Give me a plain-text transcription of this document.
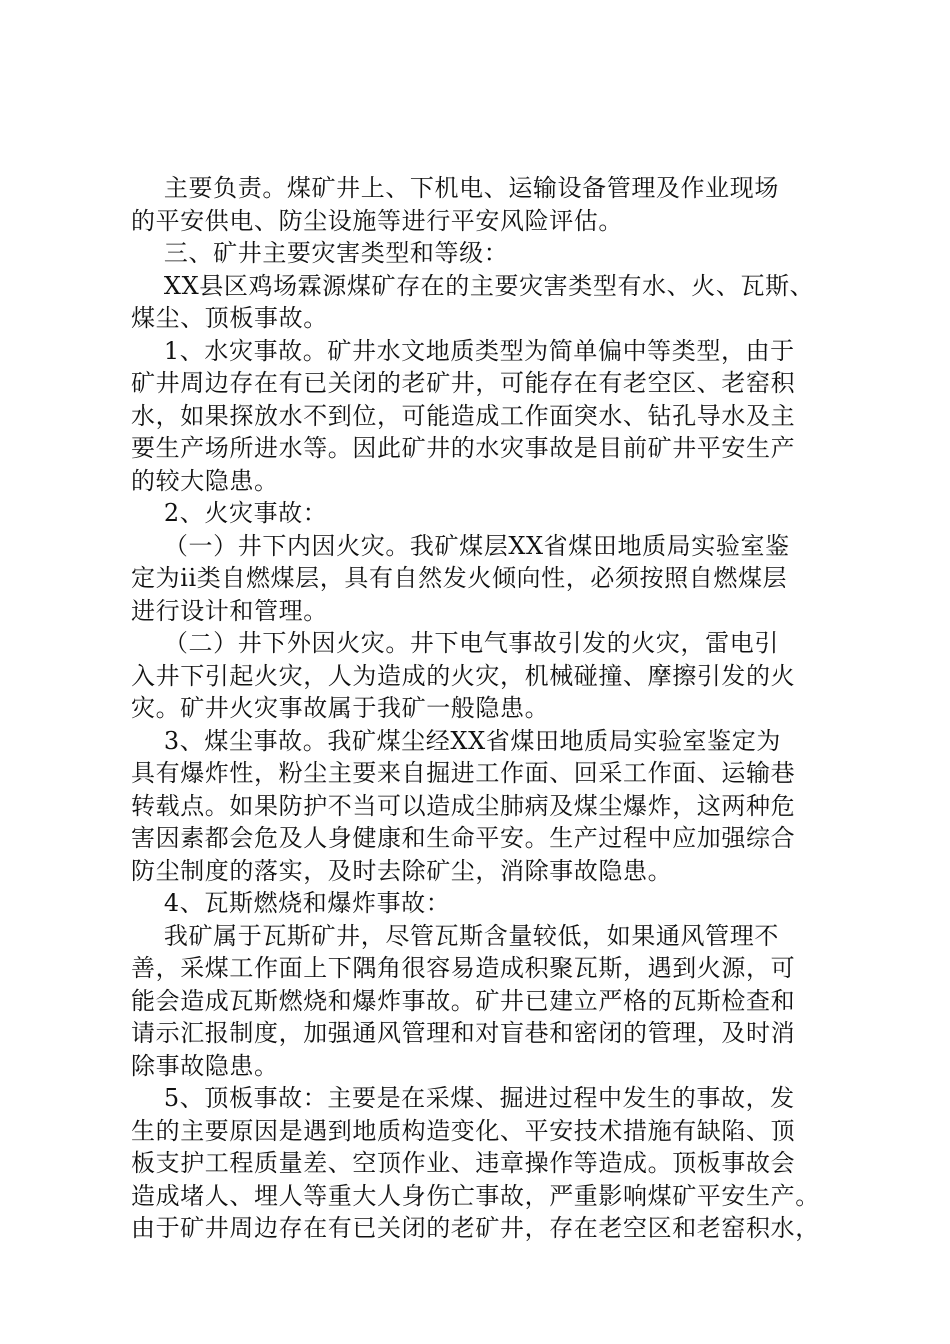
主要负责。煤矿井上、下机电、运输设备管理及作业现场
的平安供电、防尘设施等进行平安风险评估。
三、矿井主要灾害类型和等级：
XX县区鸡场霖源煤矿存在的主要灾害类型有水、火、瓦斯、
煤尘、顶板事故。
1、水灾事故。矿井水文地质类型为简单偏中等类型，由于
矿井周边存在有已关闭的老矿井，可能存在有老空区、老窑积
水，如果探放水不到位，可能造成工作面突水、钻孔导水及主
要生产场所进水等。因此矿井的水灾事故是目前矿井平安生产
的较大隐患。
2、火灾事故：
（一）井下内因火灾。我矿煤层XX省煤田地质局实验室鉴
定为ii类自燃煤层，具有自然发火倾向性，必须按照自燃煤层
进行设计和管理。
（二）井下外因火灾。井下电气事故引发的火灾，雷电引
入井下引起火灾，人为造成的火灾，机械碰撞、摩擦引发的火
灾。矿井火灾事故属于我矿一般隐患。
3、煤尘事故。我矿煤尘经XX省煤田地质局实验室鉴定为
具有爆炸性，粉尘主要来自掘进工作面、回采工作面、运输巷
转载点。如果防护不当可以造成尘肺病及煤尘爆炸，这两种危
害因素都会危及人身健康和生命平安。生产过程中应加强综合
防尘制度的落实，及时去除矿尘，消除事故隐患。
4、瓦斯燃烧和爆炸事故：
我矿属于瓦斯矿井，尽管瓦斯含量较低，如果通风管理不
善，采煤工作面上下隅角很容易造成积聚瓦斯，遇到火源，可
能会造成瓦斯燃烧和爆炸事故。矿井已建立严格的瓦斯检查和
请示汇报制度，加强通风管理和对盲巷和密闭的管理，及时消
除事故隐患。
5、顶板事故：主要是在采煤、掘进过程中发生的事故，发
生的主要原因是遇到地质构造变化、平安技术措施有缺陷、顶
板支护工程质量差、空顶作业、违章操作等造成。顶板事故会
造成堵人、埋人等重大人身伤亡事故，严重影响煤矿平安生产。
由于矿井周边存在有已关闭的老矿井，存在老空区和老窑积水，
